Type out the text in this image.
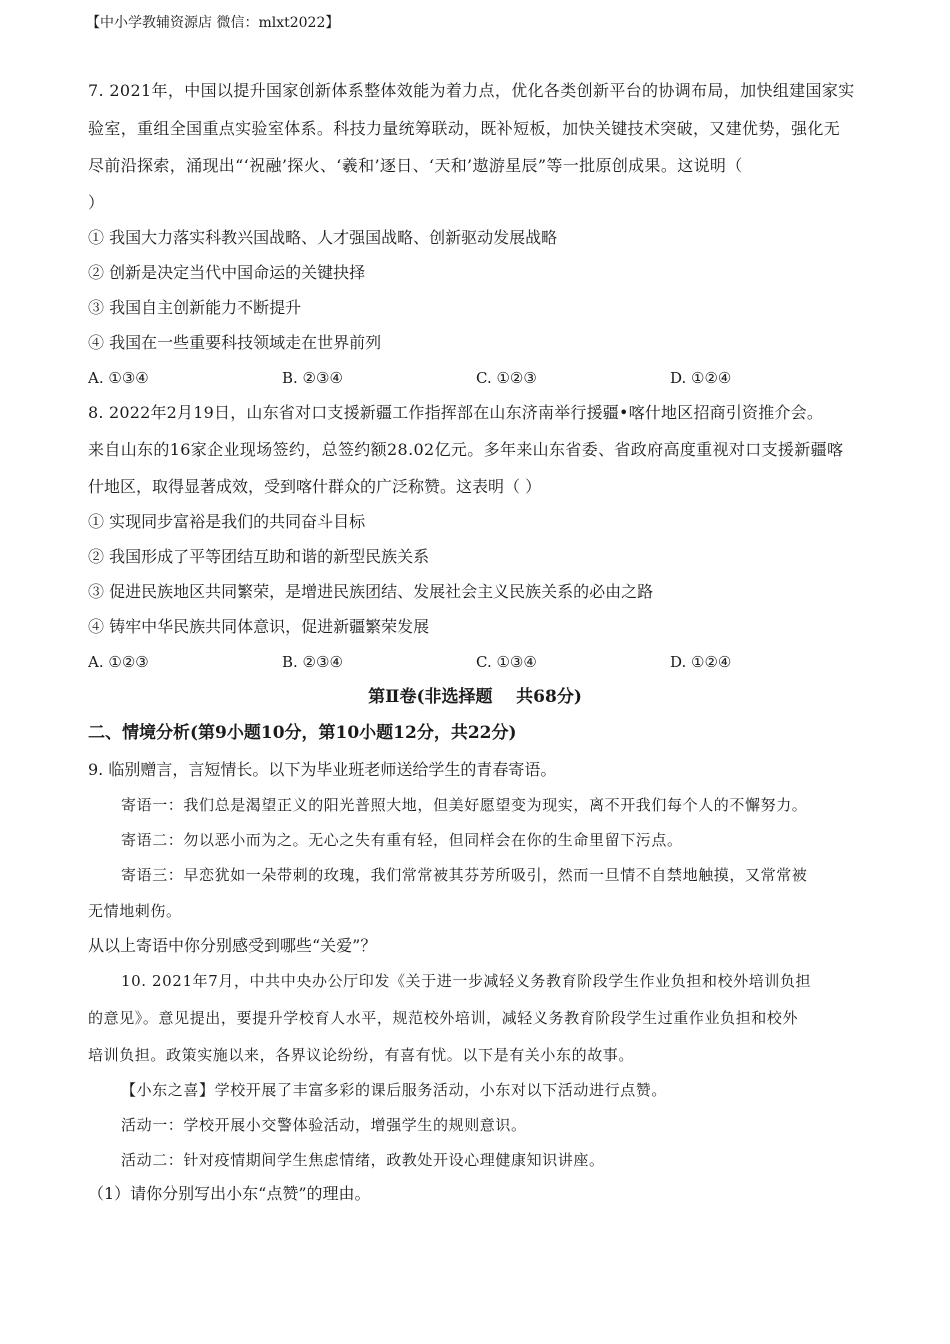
【中小学教辅资源店 微信：mlxt2022】
7. 2021年，中国以提升国家创新体系整体效能为着力点，优化各类创新平台的协调布局，加快组建国家实
验室，重组全国重点实验室体系。科技力量统筹联动，既补短板，加快关键技术突破，又建优势，强化无
尽前沿探索，涌现出“‘祝融’探火、‘羲和’逐日、‘天和’遨游星辰”等一批原创成果。这说明（
）
① 我国大力落实科教兴国战略、人才强国战略、创新驱动发展战略
② 创新是决定当代中国命运的关键抉择
③ 我国自主创新能力不断提升
④ 我国在一些重要科技领域走在世界前列
A. ①③④	B. ②③④	C. ①②③	D. ①②④
8. 2022年2月19日，山东省对口支援新疆工作指挥部在山东济南举行援疆•喀什地区招商引资推介会。
来自山东的16家企业现场签约，总签约额28.02亿元。多年来山东省委、省政府高度重视对口支援新疆喀
什地区，取得显著成效，受到喀什群众的广泛称赞。这表明（ ）
① 实现同步富裕是我们的共同奋斗目标
② 我国形成了平等团结互助和谐的新型民族关系
③ 促进民族地区共同繁荣，是增进民族团结、发展社会主义民族关系的必由之路
④ 铸牢中华民族共同体意识，促进新疆繁荣发展
A. ①②③	B. ②③④	C. ①③④	D. ①②④
第Ⅱ卷(非选择题    共68分)
二、情境分析(第9小题10分，第10小题12分，共22分)
9. 临别赠言，言短情长。以下为毕业班老师送给学生的青春寄语。
寄语一：我们总是渴望正义的阳光普照大地，但美好愿望变为现实，离不开我们每个人的不懈努力。
寄语二：勿以恶小而为之。无心之失有重有轻，但同样会在你的生命里留下污点。
寄语三：早恋犹如一朵带刺的玫瑰，我们常常被其芬芳所吸引，然而一旦情不自禁地触摸，又常常被
无情地刺伤。
从以上寄语中你分别感受到哪些“关爱”？
10. 2021年7月，中共中央办公厅印发《关于进一步减轻义务教育阶段学生作业负担和校外培训负担
的意见》。意见提出，要提升学校育人水平，规范校外培训，减轻义务教育阶段学生过重作业负担和校外
培训负担。政策实施以来，各界议论纷纷，有喜有忧。以下是有关小东的故事。
【小东之喜】学校开展了丰富多彩的课后服务活动，小东对以下活动进行点赞。
活动一：学校开展小交警体验活动，增强学生的规则意识。
活动二：针对疫情期间学生焦虑情绪，政教处开设心理健康知识讲座。
（1）请你分别写出小东“点赞”的理由。
